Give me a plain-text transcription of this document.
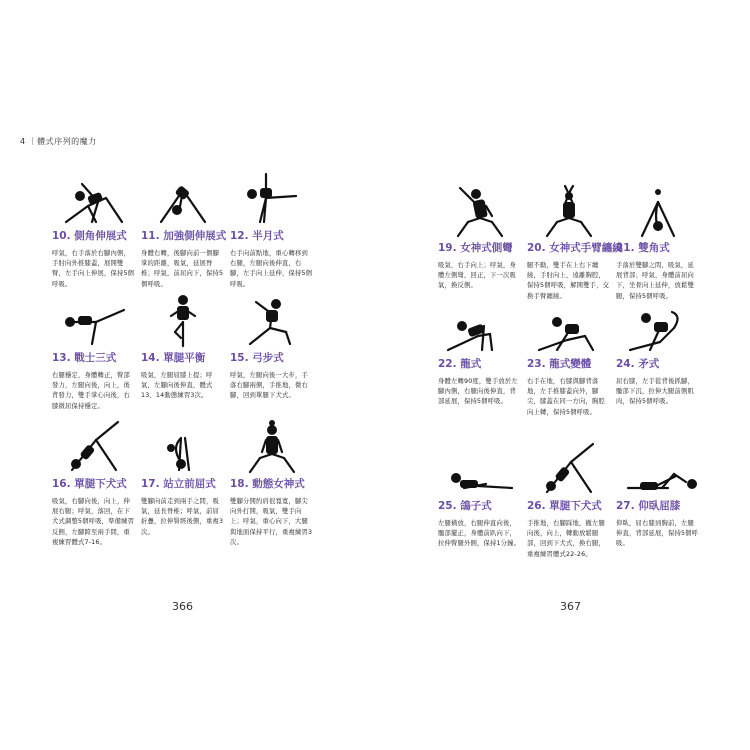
4 ｜體式序列的魔力
10. 側角伸展式
呼氣，右手落於右腳內側，手肘向外推膝蓋，展開雙臂，左手向上伸展，保持5個呼吸。
11. 加強側伸展式
身體右轉，後腳向前一個腳掌的距離，吸氣，延展脊椎；呼氣，前屈向下，保持5個呼吸。
12. 半月式
右手向前點地，重心轉移到右腿，左腿向後伸直，右腳，左手向上延伸，保持5個呼吸。
13. 戰士三式
右腿穩定，身體轉正，臀部發力，左腿向後，向上，後背發力，雙手掌心向後，右膝微屈保持穩定。
14. 單腿平衡
吸氣，左腿屈膝上提；呼氣，左腳向後伸直，體式13、14動態練習3次。
15. 弓步式
呼氣，左腿向後一大步，手落右腳兩側，手推地，微右腳，回到單腿下犬式。
16. 單腿下犬式
吸氣，右腳向後，向上，伸展右腿；呼氣，落回，在下犬式調整5個呼吸，準備練習反側，左腳跨至兩手間，重複練習體式7-16。
17. 站立前屈式
雙腳向前走到兩手之間，吸氣，延長脊椎；呼氣，前屈折疊，拉伸腎經後側，重複3次。
18. 動態女神式
雙腳分開約肩很寬寬，腳尖向外打開，吸氣，雙手向上；呼氣，重心向下，大腿與地面保持平行，重複練習3次。
19. 女神式側彎
吸氣，右手向上；呼氣，身體左側彎，回正，下一次吸氣，換反側。
20. 女神式手臂纏繞
腿不動，雙手在上右下纏繞，手肘向上，遠離胸腔，保持5個呼吸，解開雙手，交換手臂纏繞。
21. 雙角式
手落於雙腳之間，吸氣，延展背部；呼氣，身體前屈向下，坐骨向上延伸，放鬆雙腿，保持5個呼吸。
22. 龍式
身體左轉90度，雙手放於左腳內側，右腿向後伸直，背部延展，保持5個呼吸。
23. 龍式變體
右手在地，右膝與腳背落地，左手推膝蓋向外，腳尖，膝蓋在同一方向，胸腔向上轉，保持5個呼吸。
24. 矛式
屈右膝，左手從背後抓腳，髖部下沉，拉伸大腿前側肌肉，保持5個呼吸。
25. 鴿子式
左腿橫放，右腿伸直向後，髖部擺正，身體前趴向下，拉伸臀腿外側，保持1分鐘。
26. 單腿下犬式
手推地，右腳踩地，撤左腿向後，向上，轉動放鬆腿部，回到下犬式，換右腿，重複練習體式22-26。
27. 仰臥屈膝
仰臥，屈右膝到胸前，左腿伸直，背部延展，保持5個呼吸。
366	367
